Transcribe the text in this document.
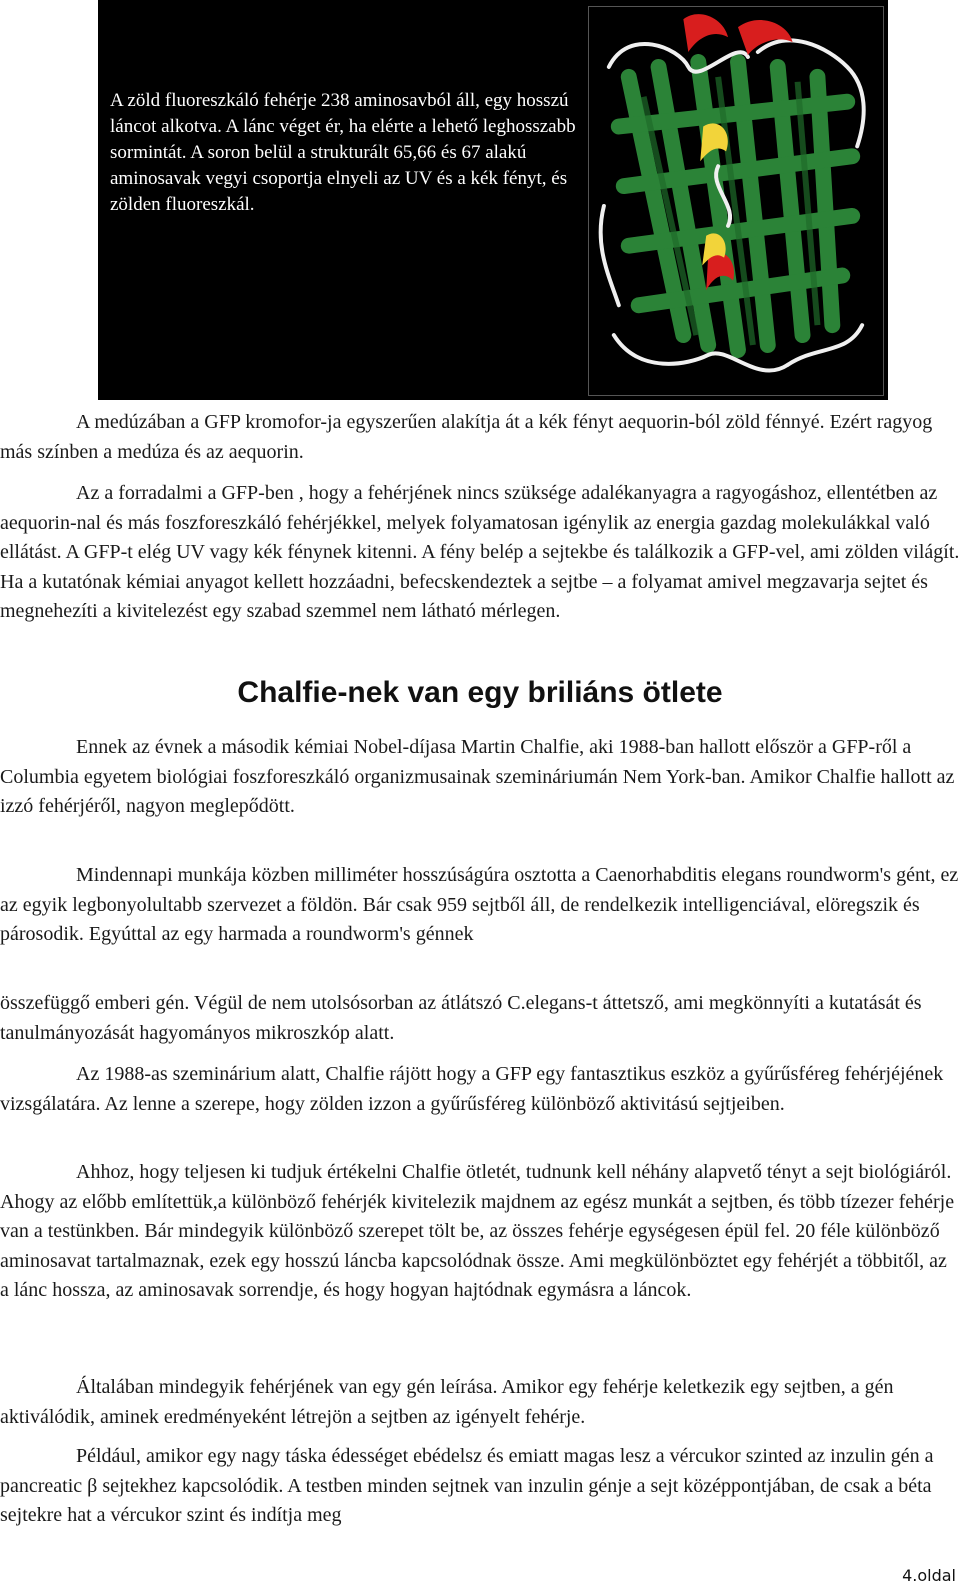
A zöld fluoreszkáló fehérje 238 aminosavból áll, egy hosszú láncot alkotva. A lánc véget ér, ha elérte a lehető leghosszabb sormintát. A soron belül a strukturált 65,66 és 67 alakú aminosavak vegyi csoportja elnyeli az UV és a kék fényt, és zölden fluoreszkál.

A medúzában a GFP kromofor-ja egyszerűen alakítja át a kék fényt aequorin-ból zöld fénnyé. Ezért ragyog más színben a medúza és az aequorin.

Az a forradalmi a GFP-ben , hogy a fehérjének nincs szüksége adalékanyagra a ragyogáshoz, ellentétben az aequorin-nal és más foszforeszkáló fehérjékkel, melyek folyamatosan igénylik az energia gazdag molekulákkal való ellátást. A GFP-t elég UV vagy kék fénynek kitenni. A fény belép a sejtekbe és találkozik a GFP-vel, ami zölden világít. Ha a kutatónak kémiai anyagot kellett hozzáadni, befecskendeztek a sejtbe – a folyamat amivel megzavarja sejtet és megnehezíti a kivitelezést egy szabad szemmel nem látható mérlegen.

Chalfie-nek van egy briliáns ötlete

Ennek az évnek a második kémiai Nobel-díjasa Martin Chalfie, aki 1988-ban hallott először a GFP-ről a Columbia egyetem biológiai foszforeszkáló organizmusainak szemináriumán Nem York-ban. Amikor Chalfie hallott az izzó fehérjéről, nagyon meglepődött.

Mindennapi munkája közben milliméter hosszúságúra osztotta a Caenorhabditis elegans roundworm's gént, ez az egyik legbonyolultabb szervezet a földön. Bár csak 959 sejtből áll, de rendelkezik intelligenciával, elöregszik és párosodik. Egyúttal az egy harmada a roundworm's génnek

összefüggő emberi gén. Végül de nem utolsósorban az átlátszó C.elegans-t áttetsző, ami megkönnyíti a kutatását és tanulmányozását hagyományos mikroszkóp alatt.

Az 1988-as szeminárium alatt, Chalfie rájött hogy a GFP egy fantasztikus eszköz a gyűrűsféreg fehérjéjének vizsgálatára. Az lenne a szerepe, hogy zölden izzon a gyűrűsféreg különböző aktivitású sejtjeiben.

Ahhoz, hogy teljesen ki tudjuk értékelni Chalfie ötletét, tudnunk kell néhány alapvető tényt a sejt biológiáról. Ahogy az előbb említettük,a különböző fehérjék kivitelezik majdnem az egész munkát a sejtben, és több tízezer fehérje van a testünkben. Bár mindegyik különböző szerepet tölt be, az összes fehérje egységesen épül fel. 20 féle különböző aminosavat tartalmaznak, ezek egy hosszú láncba kapcsolódnak össze. Ami megkülönböztet egy fehérjét a többitől, az a lánc hossza, az aminosavak sorrendje, és hogy hogyan hajtódnak egymásra a láncok.

Általában mindegyik fehérjének van egy gén leírása. Amikor egy fehérje keletkezik egy sejtben, a gén aktiválódik, aminek eredményeként létrejön a sejtben az igényelt fehérje.

Például, amikor egy nagy táska édességet ebédelsz és emiatt magas lesz a vércukor szinted az inzulin gén a pancreatic β sejtekhez kapcsolódik. A testben minden sejtnek van inzulin génje a sejt középpontjában, de csak a béta sejtekre hat a vércukor szint és indítja meg

4.oldal
